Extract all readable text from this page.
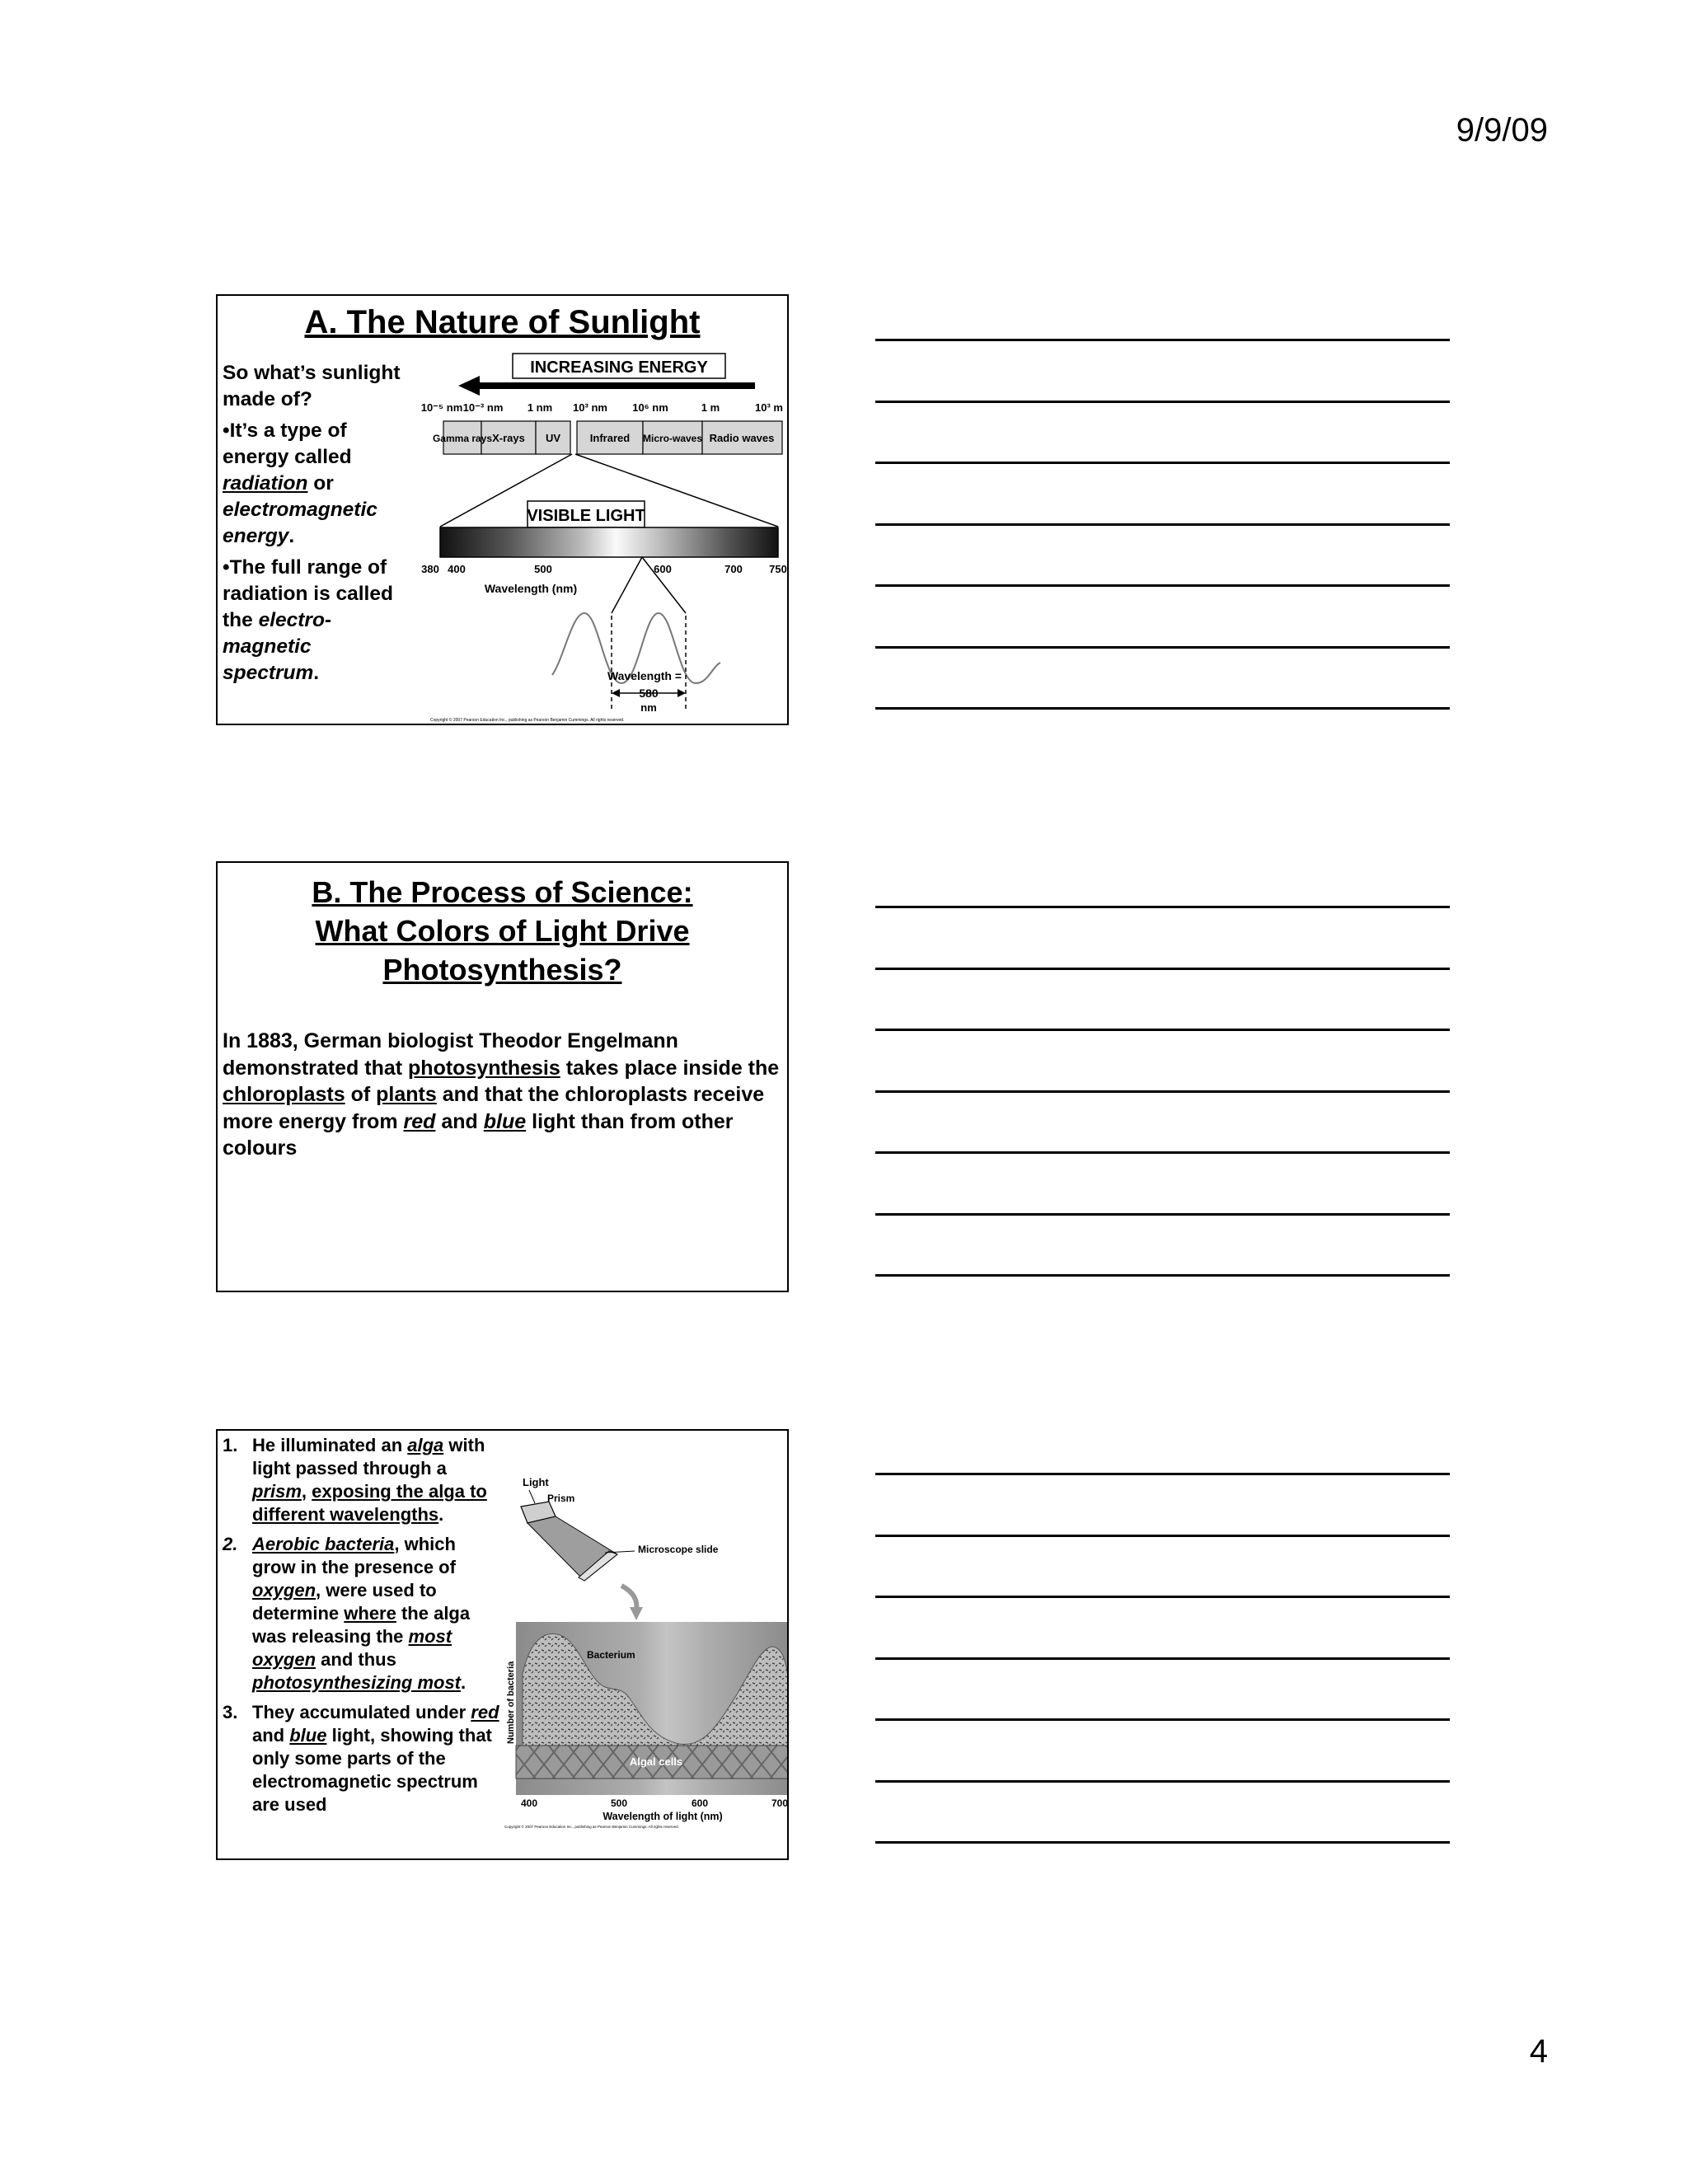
9/9/09
A. The Nature of Sunlight

So what’s sunlight made of?

•It’s a type of energy called radiation or electromagnetic energy.

•The full range of radiation is called the electro-magnetic spectrum.

INCREASING ENERGY
10⁻⁵ nm 10⁻³ nm 1 nm 10³ nm 10⁶ nm	1 m	10³ m
Gamma rays X-rays UV	Infrared Micro-waves Radio waves
VISIBLE LIGHT
380 400	500	600	700 750
Wavelength (nm)
Wavelength =
580
nm
Copyright © 2007 Pearson Education Inc., publishing as Pearson Benjamin Cummings. All rights reserved.
B. The Process of Science:
What Colors of Light Drive
Photosynthesis?
In 1883, German biologist Theodor Engelmann demonstrated that photosynthesis takes place inside the chloroplasts of plants and that the chloroplasts receive more energy from red and blue light than from other colours
1. He illuminated an alga with light passed through a prism, exposing the alga to different wavelengths.
2. Aerobic bacteria, which grow in the presence of oxygen, were used to determine where the alga was releasing the most oxygen and thus photosynthesizing most.
3. They accumulated under red and blue light, showing that only some parts of the electromagnetic spectrum are used
Light
Prism
Microscope slide
Bacterium
Algal cells
Number of bacteria
400	500	600	700
Wavelength of light (nm)
Copyright © 2007 Pearson Education Inc., publishing as Pearson Benjamin Cummings. All rights reserved.
4
